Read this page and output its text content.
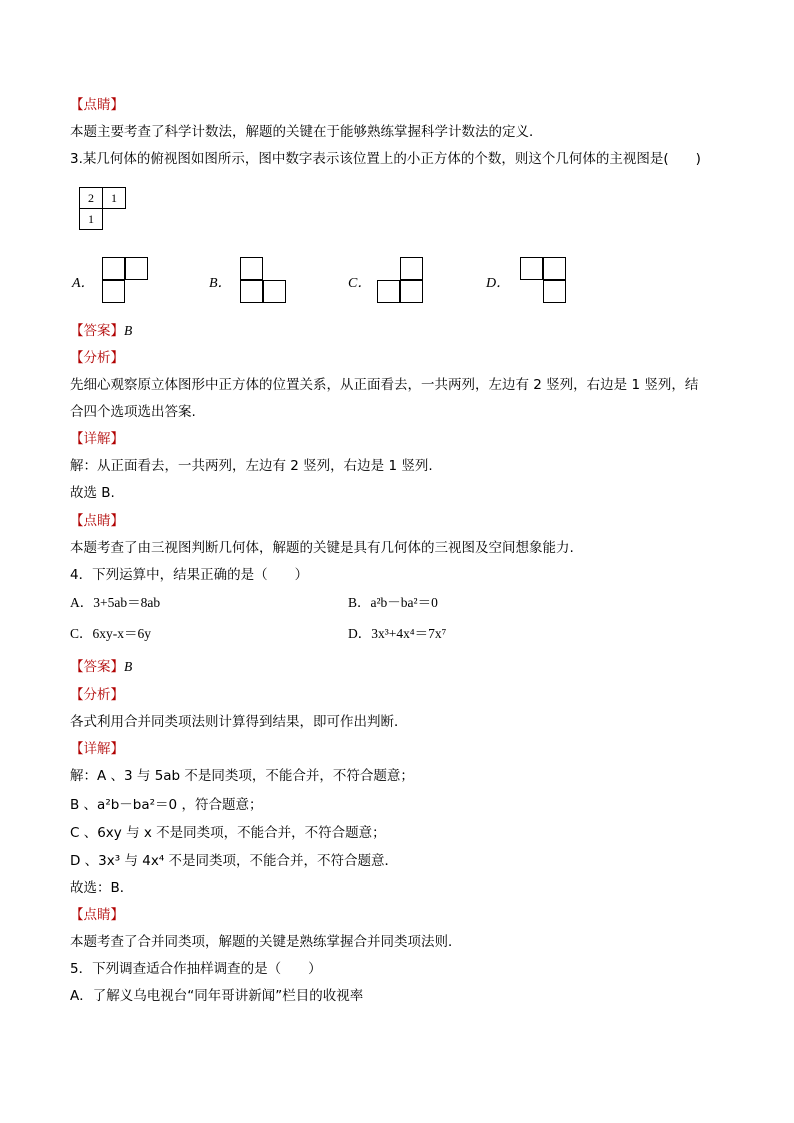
【点睛】
本题主要考查了科学计数法，解题的关键在于能够熟练掌握科学计数法的定义．
3.某几何体的俯视图如图所示，图中数字表示该位置上的小正方体的个数，则这个几何体的主视图是(　　)
2	1
1	
A．	B．	C．	D．
【答案】B
【分析】
先细心观察原立体图形中正方体的位置关系，从正面看去，一共两列，左边有 2 竖列，右边是 1 竖列，结
合四个选项选出答案.
【详解】
解：从正面看去，一共两列，左边有 2 竖列，右边是 1 竖列.
故选 B.
【点睛】
本题考查了由三视图判断几何体，解题的关键是具有几何体的三视图及空间想象能力.
4．下列运算中，结果正确的是（　　）
A．3+5ab＝8ab	B．a²b－ba²＝0
C．6xy-x＝6y	D．3x³+4x⁴＝7x⁷
【答案】B
【分析】
各式利用合并同类项法则计算得到结果，即可作出判断．
【详解】
解：A 、3 与 5ab 不是同类项，不能合并，不符合题意；
B 、a²b－ba²＝0 ，符合题意；
C 、6xy 与 x 不是同类项，不能合并，不符合题意；
D 、3x³ 与 4x⁴ 不是同类项，不能合并，不符合题意．
故选：B．
【点睛】
本题考查了合并同类项，解题的关键是熟练掌握合并同类项法则．
5．下列调查适合作抽样调查的是（　　）
A．了解义乌电视台“同年哥讲新闻”栏目的收视率
